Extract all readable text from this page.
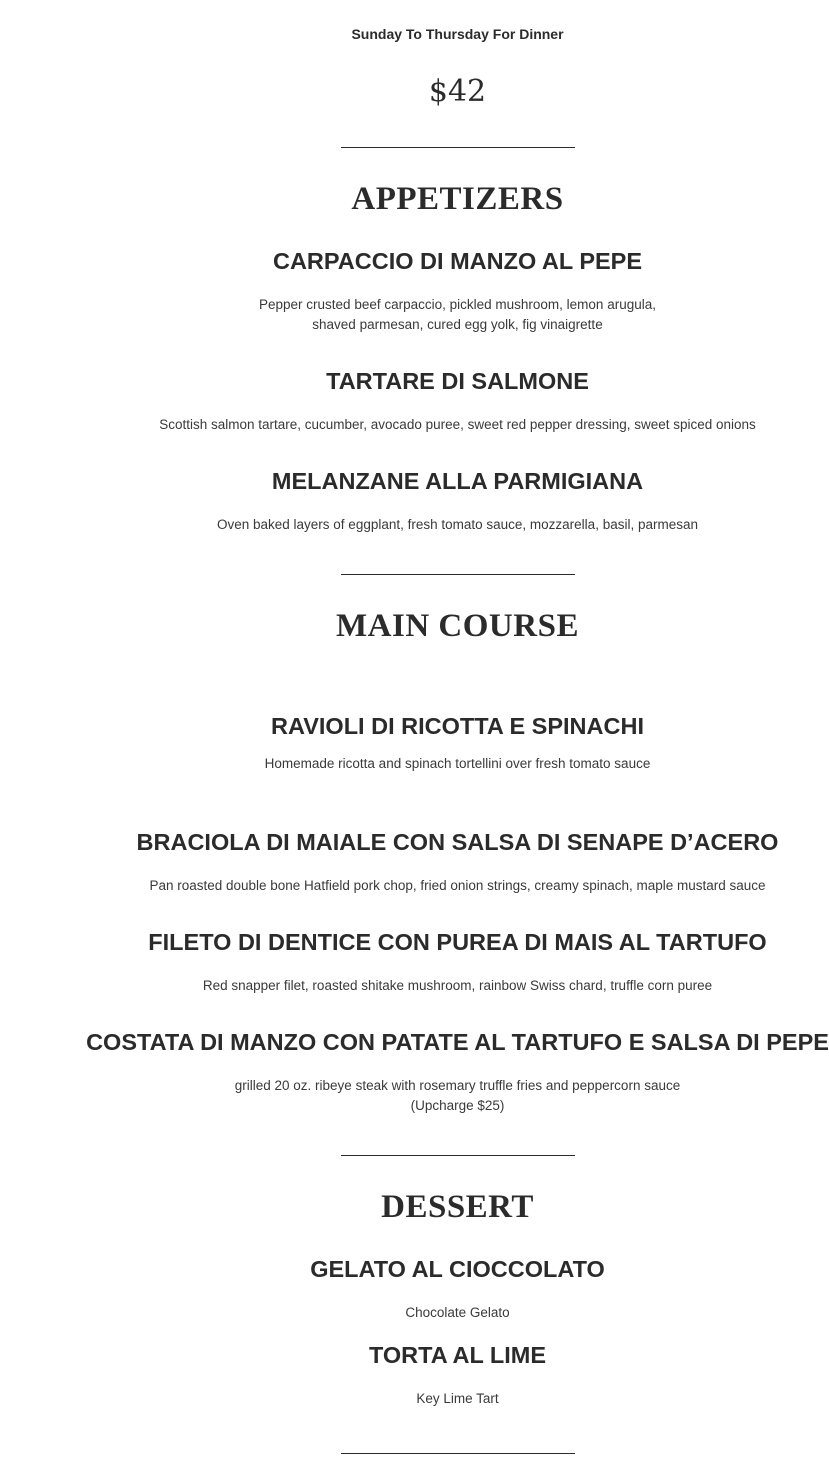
Sunday To Thursday For Dinner
$42
APPETIZERS
CARPACCIO DI MANZO AL PEPE
Pepper crusted beef carpaccio, pickled mushroom, lemon arugula,
shaved parmesan, cured egg yolk, fig vinaigrette
TARTARE DI SALMONE
Scottish salmon tartare, cucumber, avocado puree, sweet red pepper dressing, sweet spiced onions
MELANZANE ALLA PARMIGIANA
Oven baked layers of eggplant, fresh tomato sauce, mozzarella, basil, parmesan
MAIN COURSE
RAVIOLI DI RICOTTA E SPINACHI
Homemade ricotta and spinach tortellini over fresh tomato sauce
BRACIOLA DI MAIALE CON SALSA DI SENAPE D’ACERO
Pan roasted double bone Hatfield pork chop, fried onion strings, creamy spinach, maple mustard sauce
FILETO DI DENTICE CON PUREA DI MAIS AL TARTUFO
Red snapper filet, roasted shitake mushroom, rainbow Swiss chard, truffle corn puree
COSTATA DI MANZO CON PATATE AL TARTUFO E SALSA DI PEPE
grilled 20 oz. ribeye steak with rosemary truffle fries and peppercorn sauce
(Upcharge $25)
DESSERT
GELATO AL CIOCCOLATO
Chocolate Gelato
TORTA AL LIME
Key Lime Tart
